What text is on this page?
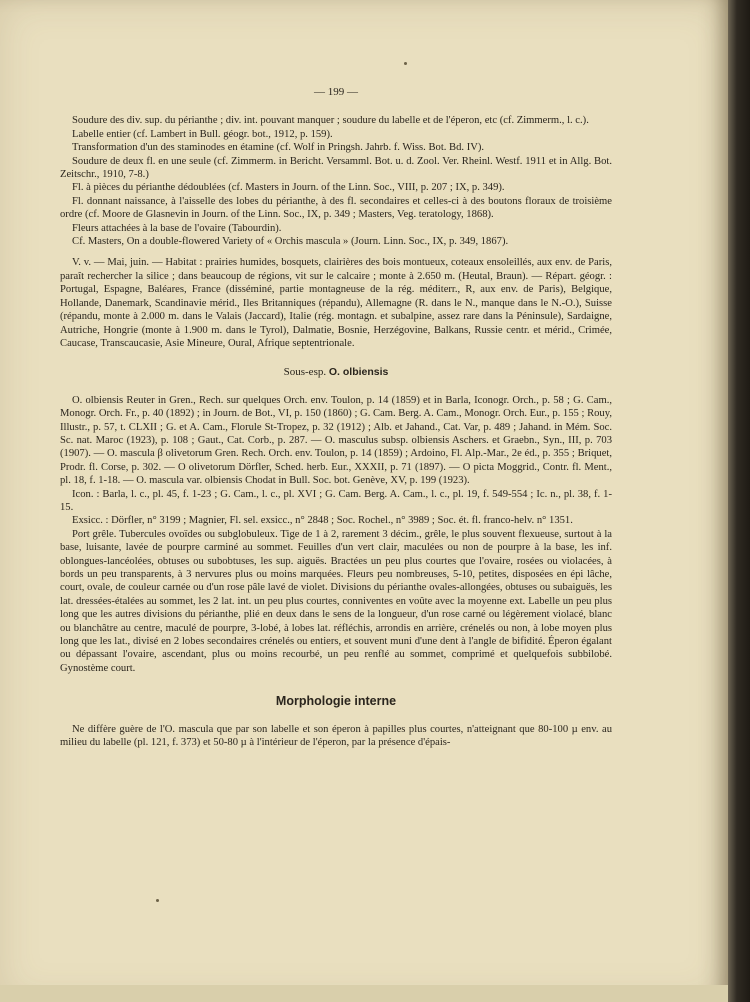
— 199 —

Soudure des div. sup. du périanthe ; div. int. pouvant manquer ; soudure du labelle et de l'éperon, etc (cf. Zimmerm., l. c.).

Labelle entier (cf. Lambert in Bull. géogr. bot., 1912, p. 159).

Transformation d'un des staminodes en étamine (cf. Wolf in Pringsh. Jahrb. f. Wiss. Bot. Bd. IV).

Soudure de deux fl. en une seule (cf. Zimmerm. in Bericht. Versamml. Bot. u. d. Zool. Ver. Rheinl. Westf. 1911 et in Allg. Bot. Zeitschr., 1910, 7-8.)

Fl. à pièces du périanthe dédoublées (cf. Masters in Journ. of the Linn. Soc., VIII, p. 207 ; IX, p. 349).

Fl. donnant naissance, à l'aisselle des lobes du périanthe, à des fl. secondaires et celles-ci à des boutons floraux de troisième ordre (cf. Moore de Glasnevin in Journ. of the Linn. Soc., IX, p. 349 ; Masters, Veg. teratology, 1868).

Fleurs attachées à la base de l'ovaire (Tabourdin).

Cf. Masters, On a double-flowered Variety of « Orchis mascula » (Journ. Linn. Soc., IX, p. 349, 1867).

V. v. — Mai, juin. — Habitat : prairies humides, bosquets, clairières des bois montueux, coteaux ensoleillés, aux env. de Paris, paraît rechercher la silice ; dans beaucoup de régions, vit sur le calcaire ; monte à 2.650 m. (Heutal, Braun). — Répart. géogr. : Portugal, Espagne, Baléares, France (disséminé, partie montagneuse de la rég. méditerr., R, aux env. de Paris), Belgique, Hollande, Danemark, Scandinavie mérid., Iles Britanniques (répandu), Allemagne (R. dans le N., manque dans le N.-O.), Suisse (répandu, monte à 2.000 m. dans le Valais (Jaccard), Italie (rég. montagn. et subalpine, assez rare dans la Péninsule), Sardaigne, Autriche, Hongrie (monte à 1.900 m. dans le Tyrol), Dalmatie, Bosnie, Herzégovine, Balkans, Russie centr. et mérid., Crimée, Caucase, Transcaucasie, Asie Mineure, Oural, Afrique septentrionale.

Sous-esp. O. olbiensis

O. olbiensis Reuter in Gren., Rech. sur quelques Orch. env. Toulon, p. 14 (1859) et in Barla, Iconogr. Orch., p. 58 ; G. Cam., Monogr. Orch. Fr., p. 40 (1892) ; in Journ. de Bot., VI, p. 150 (1860) ; G. Cam. Berg. A. Cam., Monogr. Orch. Eur., p. 155 ; Rouy, Illustr., p. 57, t. CLXII ; G. et A. Cam., Florule St-Tropez, p. 32 (1912) ; Alb. et Jahand., Cat. Var, p. 489 ; Jahand. in Mém. Soc. Sc. nat. Maroc (1923), p. 108 ; Gaut., Cat. Corb., p. 287. — O. masculus subsp. olbiensis Aschers. et Graebn., Syn., III, p. 703 (1907). — O. mascula β olivetorum Gren. Rech. Orch. env. Toulon, p. 14 (1859) ; Ardoino, Fl. Alp.-Mar., 2e éd., p. 355 ; Briquet, Prodr. fl. Corse, p. 302. — O olivetorum Dörfler, Sched. herb. Eur., XXXII, p. 71 (1897). — O picta Moggrid., Contr. fl. Ment., pl. 18, f. 1-18. — O. mascula var. olbiensis Chodat in Bull. Soc. bot. Genève, XV, p. 199 (1923).

Icon. : Barla, l. c., pl. 45, f. 1-23 ; G. Cam., l. c., pl. XVI ; G. Cam. Berg. A. Cam., l. c., pl. 19, f. 549-554 ; Ic. n., pl. 38, f. 1-15.

Exsicc. : Dörfler, n° 3199 ; Magnier, Fl. sel. exsicc., n° 2848 ; Soc. Rochel., n° 3989 ; Soc. ét. fl. franco-helv. n° 1351.

Port grêle. Tubercules ovoïdes ou subglobuleux. Tige de 1 à 2, rarement 3 décim., grêle, le plus souvent flexueuse, surtout à la base, luisante, lavée de pourpre carminé au sommet. Feuilles d'un vert clair, maculées ou non de pourpre à la base, les inf. oblongues-lancéolées, obtuses ou subobtuses, les sup. aiguës. Bractées un peu plus courtes que l'ovaire, rosées ou violacées, à bords un peu transparents, à 3 nervures plus ou moins marquées. Fleurs peu nombreuses, 5-10, petites, disposées en épi lâche, court, ovale, de couleur carnée ou d'un rose pâle lavé de violet. Divisions du périanthe ovales-allongées, obtuses ou subaiguës, les lat. dressées-étalées au sommet, les 2 lat. int. un peu plus courtes, conniventes en voûte avec la moyenne ext. Labelle un peu plus long que les autres divisions du périanthe, plié en deux dans le sens de la longueur, d'un rose carné ou légèrement violacé, blanc ou blanchâtre au centre, maculé de pourpre, 3-lobé, à lobes lat. réfléchis, arrondis en arrière, crénelés ou non, à lobe moyen plus long que les lat., divisé en 2 lobes secondaires crénelés ou entiers, et souvent muni d'une dent à l'angle de bifidité. Éperon égalant ou dépassant l'ovaire, ascendant, plus ou moins recourbé, un peu renflé au sommet, comprimé et quelquefois subbilobé. Gynostème court.

Morphologie interne

Ne diffère guère de l'O. mascula que par son labelle et son éperon à papilles plus courtes, n'atteignant que 80-100 µ env. au milieu du labelle (pl. 121, f. 373) et 50-80 µ à l'intérieur de l'éperon, par la présence d'épais-
